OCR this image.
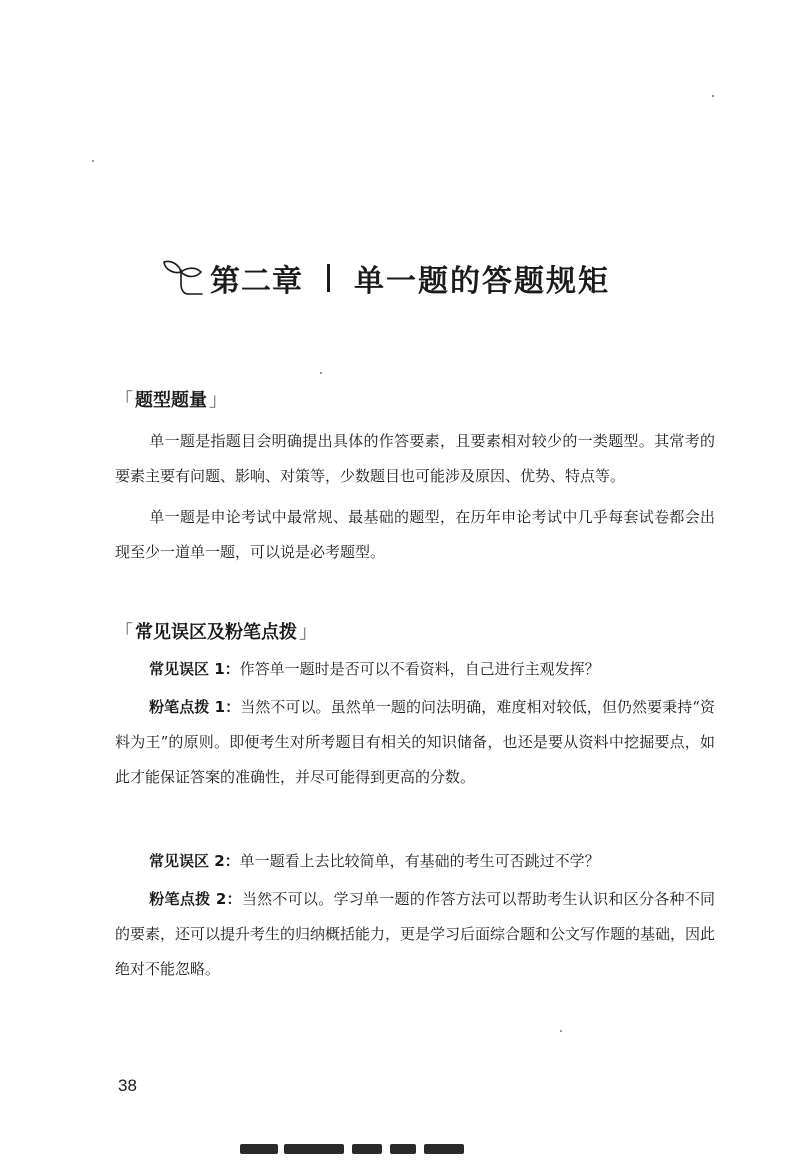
第二章 单一题的答题规矩
「 题型题量 」

单一题是指题目会明确提出具体的作答要素，且要素相对较少的一类题型。其常考的要素主要有问题、影响、对策等，少数题目也可能涉及原因、优势、特点等。

单一题是申论考试中最常规、最基础的题型，在历年申论考试中几乎每套试卷都会出现至少一道单一题，可以说是必考题型。

「 常见误区及粉笔点拨 」

常见误区 1：作答单一题时是否可以不看资料，自己进行主观发挥？

粉笔点拨 1：当然不可以。虽然单一题的问法明确，难度相对较低，但仍然要秉持“资料为王”的原则。即便考生对所考题目有相关的知识储备，也还是要从资料中挖掘要点，如此才能保证答案的准确性，并尽可能得到更高的分数。

常见误区 2：单一题看上去比较简单，有基础的考生可否跳过不学？

粉笔点拨 2：当然不可以。学习单一题的作答方法可以帮助考生认识和区分各种不同的要素，还可以提升考生的归纳概括能力，更是学习后面综合题和公文写作题的基础，因此绝对不能忽略。

38
